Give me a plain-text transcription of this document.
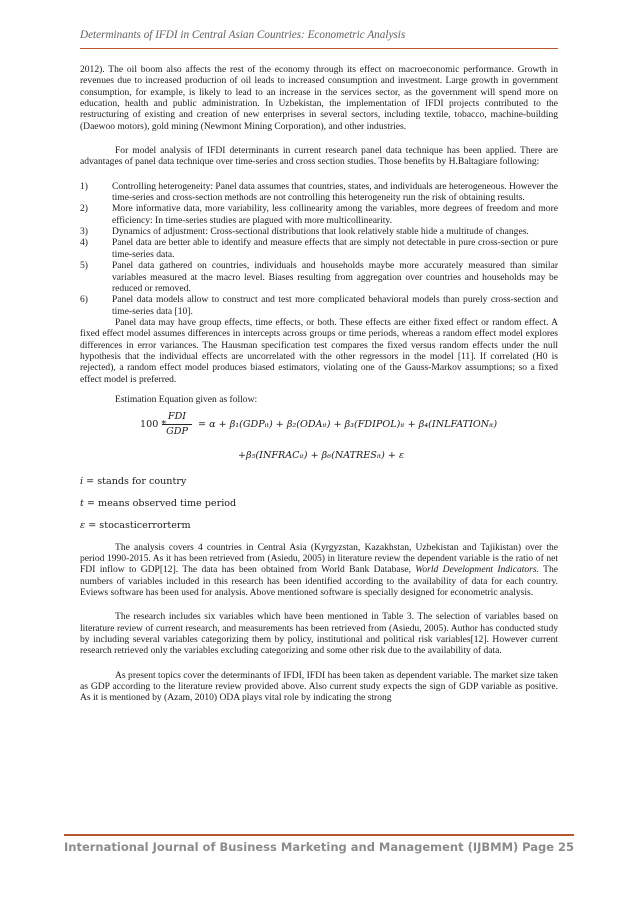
Determinants of IFDI in Central Asian Countries: Econometric Analysis

2012). The oil boom also affects the rest of the economy through its effect on macroeconomic performance. Growth in revenues due to increased production of oil leads to increased consumption and investment. Large growth in government consumption, for example, is likely to lead to an increase in the services sector, as the government will spend more on education, health and public administration. In Uzbekistan, the implementation of IFDI projects contributed to the restructuring of existing and creation of new enterprises in several sectors, including textile, tobacco, machine-building (Daewoo motors), gold mining (Newmont Mining Corporation), and other industries.

For model analysis of IFDI determinants in current research panel data technique has been applied. There are advantages of panel data technique over time-series and cross section studies. Those benefits by H.Baltagiare following:

1)	Controlling heterogeneity: Panel data assumes that countries, states, and individuals are heterogeneous. However the time-series and cross-section methods are not controlling this heterogeneity run the risk of obtaining results.
2)	More informative data, more variability, less collinearity among the variables, more degrees of freedom and more efficiency: In time-series studies are plagued with more multicollinearity.
3)	Dynamics of adjustment: Cross-sectional distributions that look relatively stable hide a multitude of changes.
4)	Panel data are better able to identify and measure effects that are simply not detectable in pure cross-section or pure time-series data.
5)	Panel data gathered on countries, individuals and households maybe more accurately measured than similar variables measured at the macro level. Biases resulting from aggregation over countries and households may be reduced or removed.
6)	Panel data models allow to construct and test more complicated behavioral models than purely cross-section and time-series data [10].

Panel data may have group effects, time effects, or both. These effects are either fixed effect or random effect. A fixed effect model assumes differences in intercepts across groups or time periods, whereas a random effect model explores differences in error variances. The Hausman specification test compares the fixed versus random effects under the null hypothesis that the individual effects are uncorrelated with the other regressors in the model [11]. If correlated (H0 is rejected), a random effect model produces biased estimators, violating one of the Gauss-Markov assumptions; so a fixed effect model is preferred.

Estimation Equation given as follow:

100 *
FDI
GDP
= α + β₁(GDPᵢₜ) + β₂(ODAᵢₜ) + β₃(FDIPOL)ᵢₜ + β₄(INLFATIONᵢₜ)
+β₅(INFRACᵢₜ) + β₆(NATRESᵢₜ) + ε
i = stands for country
t = means observed time period
ε = stocasticerrorterm

The analysis covers 4 countries in Central Asia (Kyrgyzstan, Kazakhstan, Uzbekistan and Tajikistan) over the period 1990-2015. As it has been retrieved from (Asiedu, 2005) in literature review the dependent variable is the ratio of net FDI inflow to GDP[12]. The data has been obtained from World Bank Database, World Development Indicators. The numbers of variables included in this research has been identified according to the availability of data for each country. Eviews software has been used for analysis. Above mentioned software is specially designed for econometric analysis.

The research includes six variables which have been mentioned in Table 3. The selection of variables based on literature review of current research, and measurements has been retrieved from (Asiedu, 2005). Author has conducted study by including several variables categorizing them by policy, institutional and political risk variables[12]. However current research retrieved only the variables excluding categorizing and some other risk due to the availability of data.

As present topics cover the determinants of IFDI, IFDI has been taken as dependent variable. The market size taken as GDP according to the literature review provided above. Also current study expects the sign of GDP variable as positive. As it is mentioned by (Azam, 2010) ODA plays vital role by indicating the strong

International Journal of Business Marketing and Management (IJBMM) Page 25
